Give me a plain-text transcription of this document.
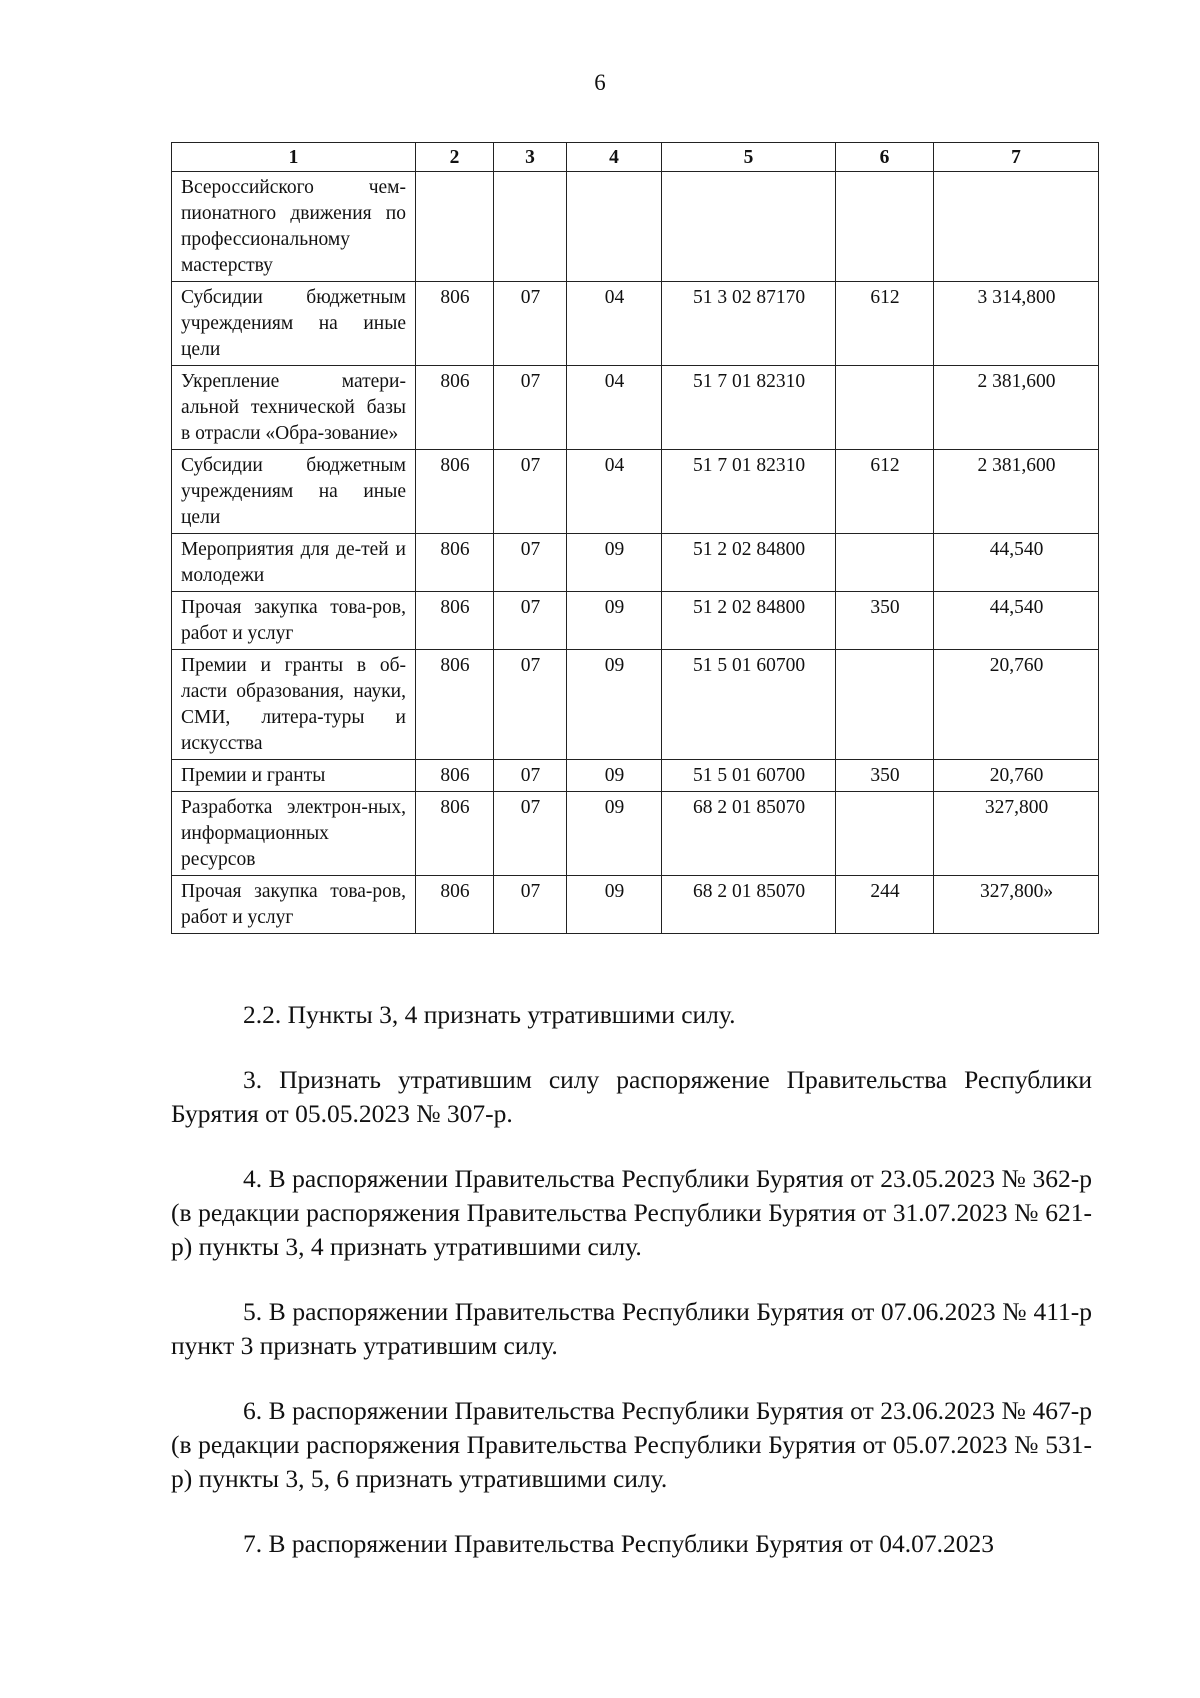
6
1	2	3	4	5	6	7
Всероссийского чем-пионатного движения по профессиональному мастерству						
Субсидии бюджетным учреждениям на иные цели	806	07	04	51 3 02 87170	612	3 314,800
Укрепление матери-альной технической базы в отрасли «Обра-зование»	806	07	04	51 7 01 82310		2 381,600
Субсидии бюджетным учреждениям на иные цели	806	07	04	51 7 01 82310	612	2 381,600
Мероприятия для де-тей и молодежи	806	07	09	51 2 02 84800		44,540
Прочая закупка това-ров, работ и услуг	806	07	09	51 2 02 84800	350	44,540
Премии и гранты в об-ласти образования, науки, СМИ, литера-туры и искусства	806	07	09	51 5 01 60700		20,760
Премии и гранты	806	07	09	51 5 01 60700	350	20,760
Разработка электрон-ных, информационных ресурсов	806	07	09	68 2 01 85070		327,800
Прочая закупка това-ров, работ и услуг	806	07	09	68 2 01 85070	244	327,800»

2.2. Пункты 3, 4 признать утратившими силу.

3. Признать утратившим силу распоряжение Правительства Республики Бурятия от 05.05.2023 № 307-р.

4. В распоряжении Правительства Республики Бурятия от 23.05.2023 № 362-р (в редакции распоряжения Правительства Республики Бурятия от 31.07.2023 № 621-р) пункты 3, 4 признать утратившими силу.

5. В распоряжении Правительства Республики Бурятия от 07.06.2023 № 411-р пункт 3 признать утратившим силу.

6. В распоряжении Правительства Республики Бурятия от 23.06.2023 № 467-р (в редакции распоряжения Правительства Республики Бурятия от 05.07.2023 № 531-р) пункты 3, 5, 6 признать утратившими силу.

7. В распоряжении Правительства Республики Бурятия от 04.07.2023
